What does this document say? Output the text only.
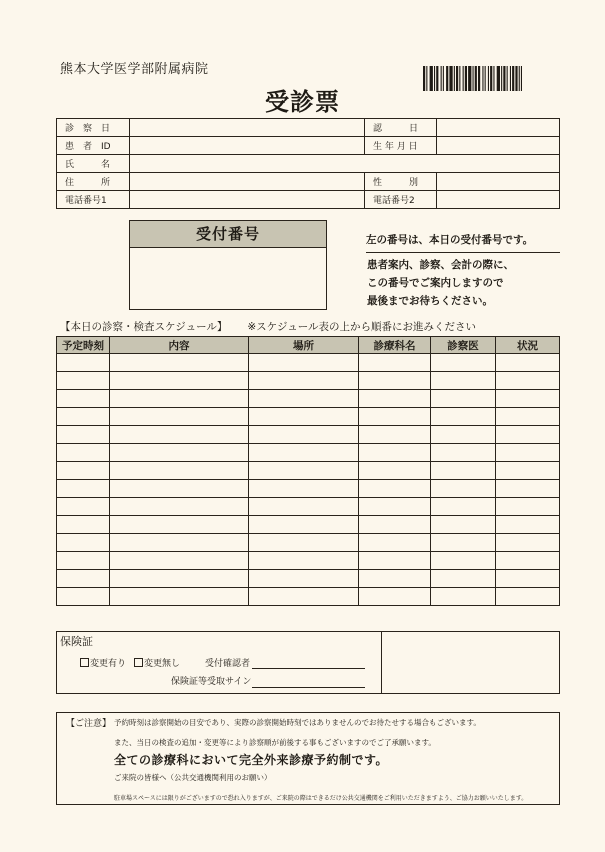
熊本大学医学部附属病院
受診票
診　察　日		認　　　日	
患　者　ID		生 年 月 日	
氏　　　名			
住　　　所		性　　　別	
電話番号1		電話番号2	
受付番号	左の番号は、本日の受付番号です。
患者案内、診察、会計の際に、
この番号でご案内しますので
最後までお待ちください。
【本日の診察・検査スケジュール】 ※スケジュール表の上から順番にお進みください
予定時刻	内容	場所	診療科名	診察医	状況

保険証
変更有り 変更無し	受付確認者
保険証等受取サイン
【ご注意】 予約時刻は診察開始の目安であり、実際の診察開始時刻ではありませんのでお待たせする場合もございます。
また、当日の検査の追加・変更等により診察順が前後する事もございますのでご了承願います。
全ての診療科において完全外来診療予約制です。
ご来院の皆様へ（公共交通機関利用のお願い）
駐車場スペースには限りがございますので恐れ入りますが、ご来院の際はできるだけ公共交通機関をご利用いただきますよう、ご協力お願いいたします。
